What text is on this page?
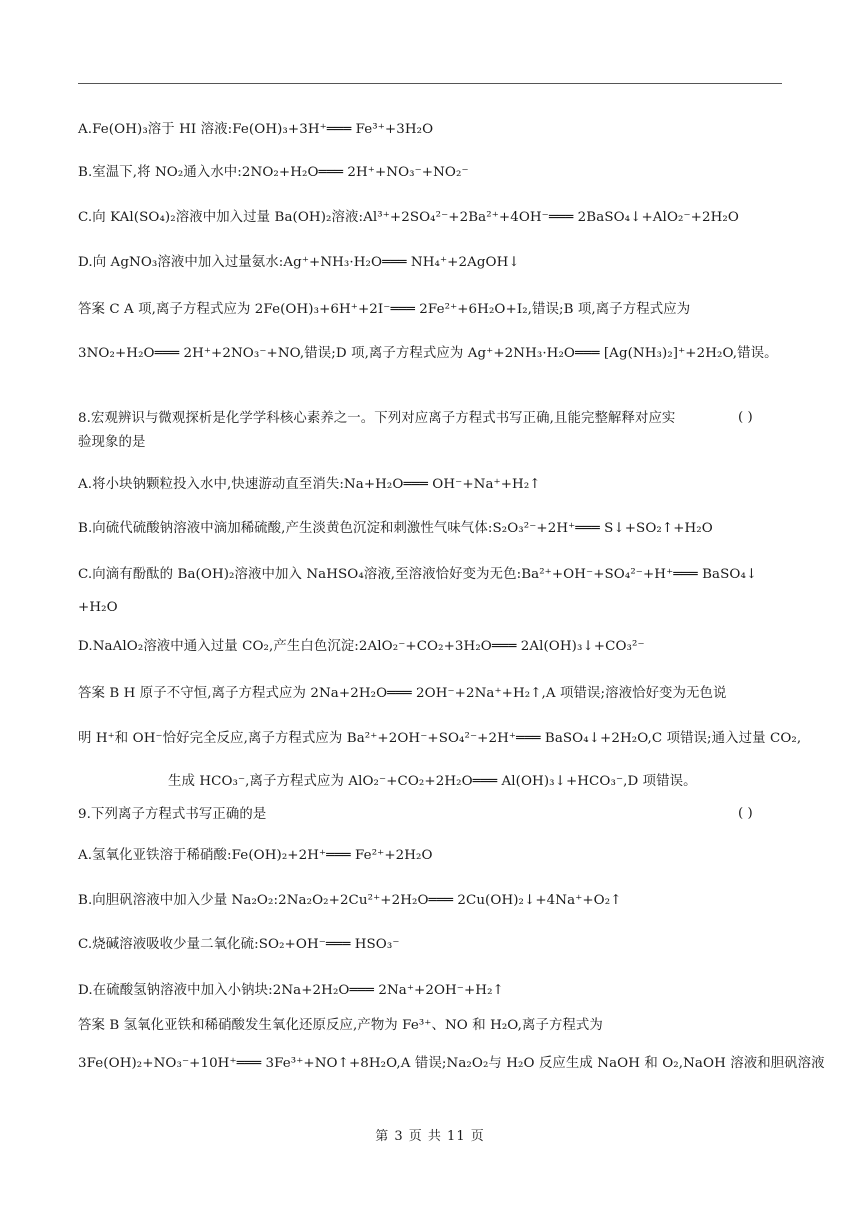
A.Fe(OH)₃溶于 HI 溶液:Fe(OH)₃+3H⁺═══ Fe³⁺+3H₂O
B.室温下,将 NO₂通入水中:2NO₂+H₂O═══ 2H⁺+NO₃⁻+NO₂⁻
C.向 KAl(SO₄)₂溶液中加入过量 Ba(OH)₂溶液:Al³⁺+2SO₄²⁻+2Ba²⁺+4OH⁻═══ 2BaSO₄↓+AlO₂⁻+2H₂O
D.向 AgNO₃溶液中加入过量氨水:Ag⁺+NH₃·H₂O═══ NH₄⁺+2AgOH↓
答案 C A 项,离子方程式应为 2Fe(OH)₃+6H⁺+2I⁻═══ 2Fe²⁺+6H₂O+I₂,错误;B 项,离子方程式应为
3NO₂+H₂O═══ 2H⁺+2NO₃⁻+NO,错误;D 项,离子方程式应为 Ag⁺+2NH₃·H₂O═══ [Ag(NH₃)₂]⁺+2H₂O,错误。
8.宏观辨识与微观探析是化学学科核心素养之一。下列对应离子方程式书写正确,且能完整解释对应实
验现象的是
A.将小块钠颗粒投入水中,快速游动直至消失:Na+H₂O═══ OH⁻+Na⁺+H₂↑
B.向硫代硫酸钠溶液中滴加稀硫酸,产生淡黄色沉淀和刺激性气味气体:S₂O₃²⁻+2H⁺═══ S↓+SO₂↑+H₂O
C.向滴有酚酞的 Ba(OH)₂溶液中加入 NaHSO₄溶液,至溶液恰好变为无色:Ba²⁺+OH⁻+SO₄²⁻+H⁺═══ BaSO₄↓
+H₂O
D.NaAlO₂溶液中通入过量 CO₂,产生白色沉淀:2AlO₂⁻+CO₂+3H₂O═══ 2Al(OH)₃↓+CO₃²⁻
答案 B H 原子不守恒,离子方程式应为 2Na+2H₂O═══ 2OH⁻+2Na⁺+H₂↑,A 项错误;溶液恰好变为无色说
明 H⁺和 OH⁻恰好完全反应,离子方程式应为 Ba²⁺+2OH⁻+SO₄²⁻+2H⁺═══ BaSO₄↓+2H₂O,C 项错误;通入过量 CO₂,
生成 HCO₃⁻,离子方程式应为 AlO₂⁻+CO₂+2H₂O═══ Al(OH)₃↓+HCO₃⁻,D 项错误。
9.下列离子方程式书写正确的是
A.氢氧化亚铁溶于稀硝酸:Fe(OH)₂+2H⁺═══ Fe²⁺+2H₂O
B.向胆矾溶液中加入少量 Na₂O₂:2Na₂O₂+2Cu²⁺+2H₂O═══ 2Cu(OH)₂↓+4Na⁺+O₂↑
C.烧碱溶液吸收少量二氧化硫:SO₂+OH⁻═══ HSO₃⁻
D.在硫酸氢钠溶液中加入小钠块:2Na+2H₂O═══ 2Na⁺+2OH⁻+H₂↑
答案 B 氢氧化亚铁和稀硝酸发生氧化还原反应,产物为 Fe³⁺、NO 和 H₂O,离子方程式为
3Fe(OH)₂+NO₃⁻+10H⁺═══ 3Fe³⁺+NO↑+8H₂O,A 错误;Na₂O₂与 H₂O 反应生成 NaOH 和 O₂,NaOH 溶液和胆矾溶液
( )
( )
第 3 页 共 11 页
